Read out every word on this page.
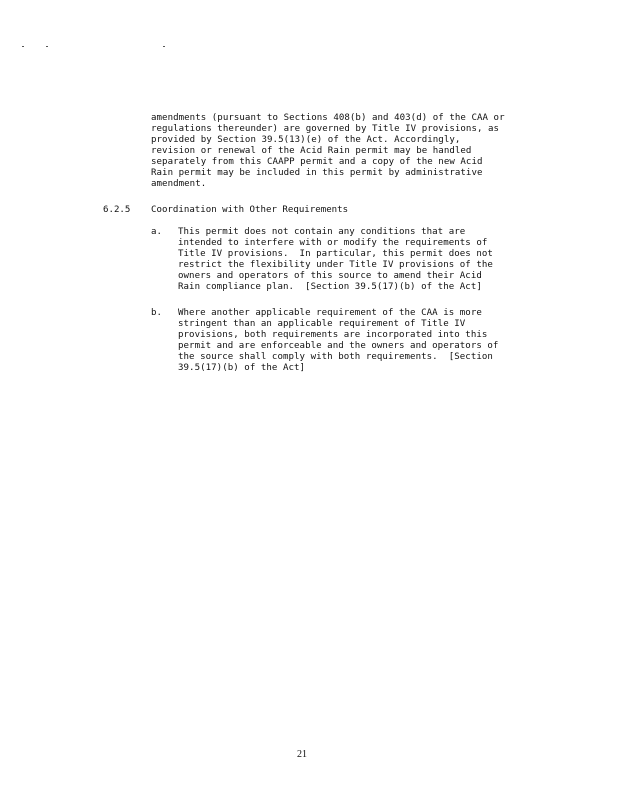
amendments (pursuant to Sections 408(b) and 403(d) of the CAA or
regulations thereunder) are governed by Title IV provisions, as
provided by Section 39.5(13)(e) of the Act. Accordingly,
revision or renewal of the Acid Rain permit may be handled
separately from this CAAPP permit and a copy of the new Acid
Rain permit may be included in this permit by administrative
amendment.
6.2.5 Coordination with Other Requirements
a. This permit does not contain any conditions that are
intended to interfere with or modify the requirements of
Title IV provisions.  In particular, this permit does not
restrict the flexibility under Title IV provisions of the
owners and operators of this source to amend their Acid
Rain compliance plan.  [Section 39.5(17)(b) of the Act]
b. Where another applicable requirement of the CAA is more
stringent than an applicable requirement of Title IV
provisions, both requirements are incorporated into this
permit and are enforceable and the owners and operators of
the source shall comply with both requirements.  [Section
39.5(17)(b) of the Act]
21
